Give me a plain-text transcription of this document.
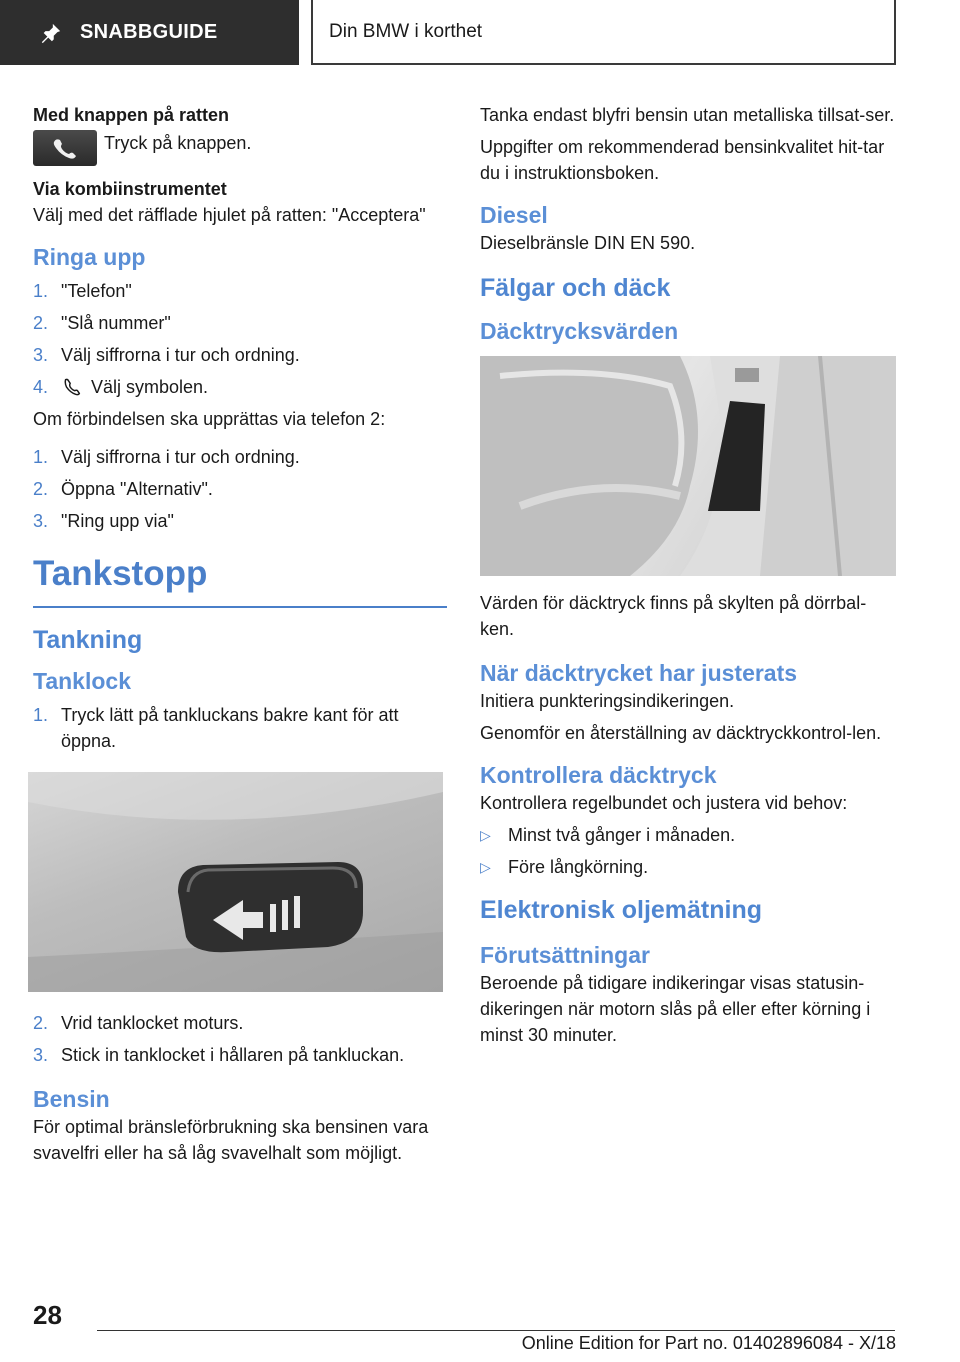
SNABBGUIDE	Din BMW i korthet
Med knappen på ratten
Tryck på knappen.
Via kombiinstrumentet
Välj med det räfflade hjulet på ratten: "Acceptera"
Ringa upp
1. "Telefon"
2. "Slå nummer"
3. Välj siffrorna i tur och ordning.
4.	Välj symbolen.
Om förbindelsen ska upprättas via telefon 2:
1. Välj siffrorna i tur och ordning.
2. Öppna "Alternativ".
3. "Ring upp via"
Tankstopp
Tankning
Tanklock
1. Tryck lätt på tankluckans bakre kant för att öppna.
2. Vrid tanklocket moturs.
3. Stick in tanklocket i hållaren på tankluckan.
Bensin
För optimal bränsleförbrukning ska bensinen vara svavelfri eller ha så låg svavelhalt som möjligt.
Tanka endast blyfri bensin utan metalliska tillsat-ser.
Uppgifter om rekommenderad bensinkvalitet hit-tar du i instruktionsboken.
Diesel
Dieselbränsle DIN EN 590.
Fälgar och däck
Däcktrycksvärden
Värden för däcktryck finns på skylten på dörrbal-ken.
När däcktrycket har justerats
Initiera punkteringsindikeringen.
Genomför en återställning av däcktryckkontrol-len.
Kontrollera däcktryck
Kontrollera regelbundet och justera vid behov:
▷ Minst två gånger i månaden.
▷ Före långkörning.
Elektronisk oljemätning
Förutsättningar
Beroende på tidigare indikeringar visas statusin-dikeringen när motorn slås på eller efter körning i minst 30 minuter.
28
Online Edition for Part no. 01402896084 - X/18
